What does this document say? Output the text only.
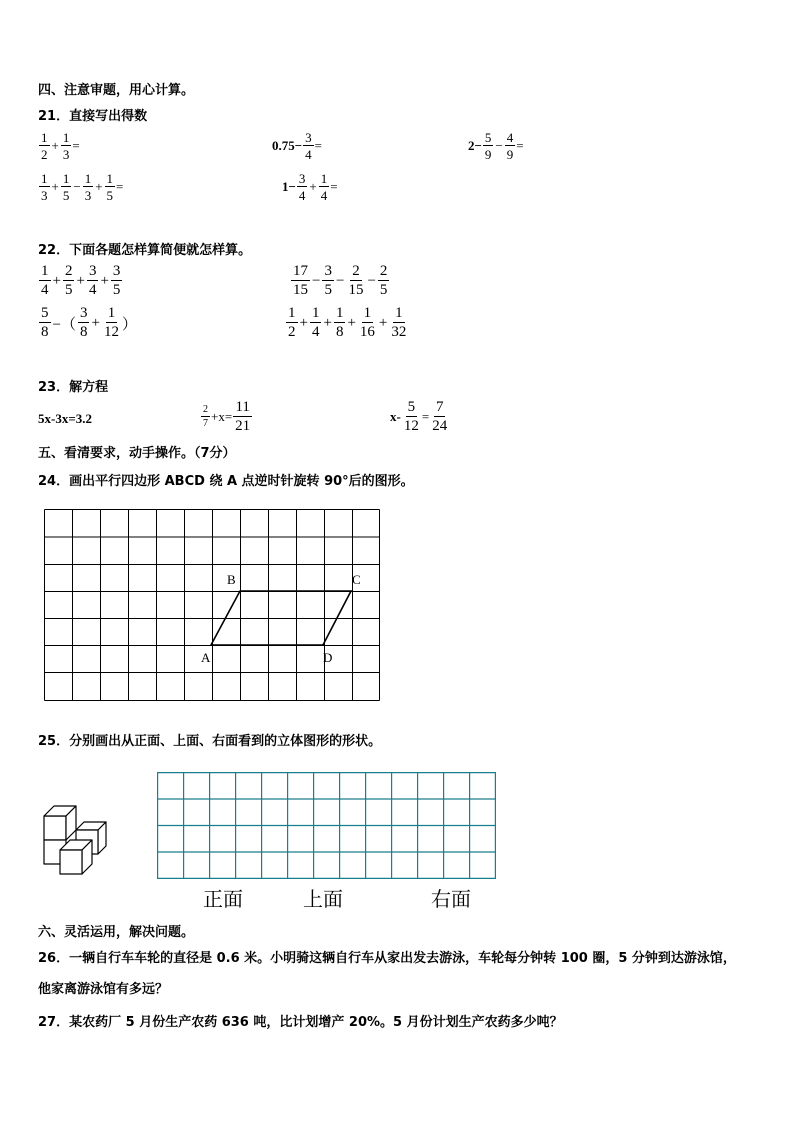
四、注意审题，用心计算。
21．直接写出得数
$\frac{1}{2} + \frac{1}{3}$ =	$0.75- \frac{3}{4}$ =	$2- \frac{5}{9} - \frac{4}{9}$ =
$\frac{1}{3} + \frac{1}{5} - \frac{1}{3} + \frac{1}{5}$ =	$1- \frac{3}{4} + \frac{1}{4}$ =
22．下面各题怎样算简便就怎样算。
$\frac{1}{4} + \frac{2}{5} + \frac{3}{4} + \frac{3}{5}$	$\frac{17}{15} - \frac{3}{5} - \frac{2}{15} - \frac{2}{5}$
$\frac{5}{8}$ −（ $\frac{3}{8} + \frac{1}{12}$ ）	$\frac{1}{2} + \frac{1}{4} + \frac{1}{8} + \frac{1}{16} + \frac{1}{32}$
23．解方程
5x-3x=3.2	$\frac{2}{7} +x= \frac{11}{21}$	$x- \frac{5}{12} = \frac{7}{24}$
五、看清要求，动手操作。（7分）
24．画出平行四边形 ABCD 绕 A 点逆时针旋转 90°后的图形。
A
B	C
D
25．分别画出从正面、上面、右面看到的立体图形的形状。
正面	上面	右面
六、灵活运用，解决问题。
26．一辆自行车车轮的直径是 0.6 米。小明骑这辆自行车从家出发去游泳，车轮每分钟转 100 圈，5 分钟到达游泳馆，
他家离游泳馆有多远？
27．某农药厂 5 月份生产农药 636 吨，比计划增产 20%。5 月份计划生产农药多少吨？
